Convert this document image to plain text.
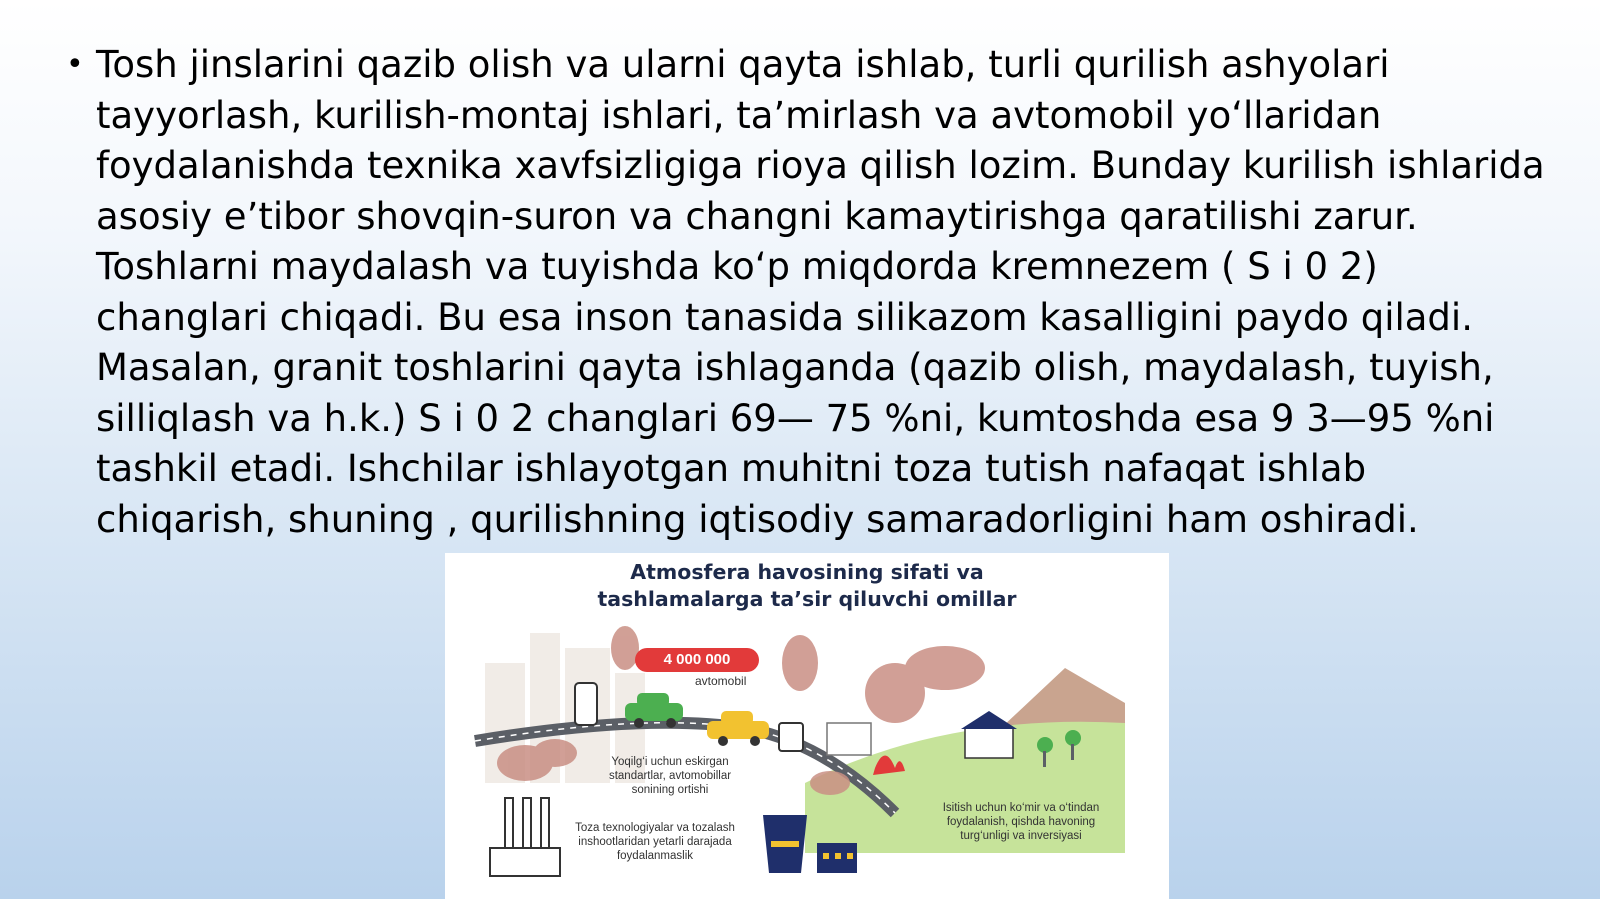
• Tosh jinslarini qazib olish va ularni qayta ishlab, turli qurilish ashyolari
tayyorlash, kurilish-montaj ishlari, ta’mirlash va avtomobil yoʻllaridan
foydalanishda texnika xavfsizligiga rioya qilish lozim. Bunday kurilish ishlarida
asosiy e’tibor shovqin-suron va changni kamaytirishga qaratilishi zarur.
Toshlarni maydalash va tuyishda koʻp miqdorda kremnezem ( S i 0 2)
changlari chiqadi. Bu esa inson tanasida silikazom kasalligini paydo qiladi.
Masalan, granit toshlarini qayta ishlaganda (qazib olish, maydalash, tuyish,
silliqlash va h.k.) S i 0 2 changlari 69— 75 %ni, kumtoshda esa 9 3—95 %ni
tashkil etadi. Ishchilar ishlayotgan muhitni toza tutish nafaqat ishlab
chiqarish, shuning , qurilishning iqtisodiy samaradorligini ham oshiradi.
Atmosfera havosining sifati va
tashlamalarga ta’sir qiluvchi omillar
4 000 000
avtomobil
Yoqilg‘i uchun eskirgan
standartlar, avtomobillar
sonining ortishi
Toza texnologiyalar va tozalash
inshootlaridan yetarli darajada
foydalanmaslik
Isitish uchun ko‘mir va o‘tindan
foydalanish, qishda havoning
turg‘unligi va inversiyasi
